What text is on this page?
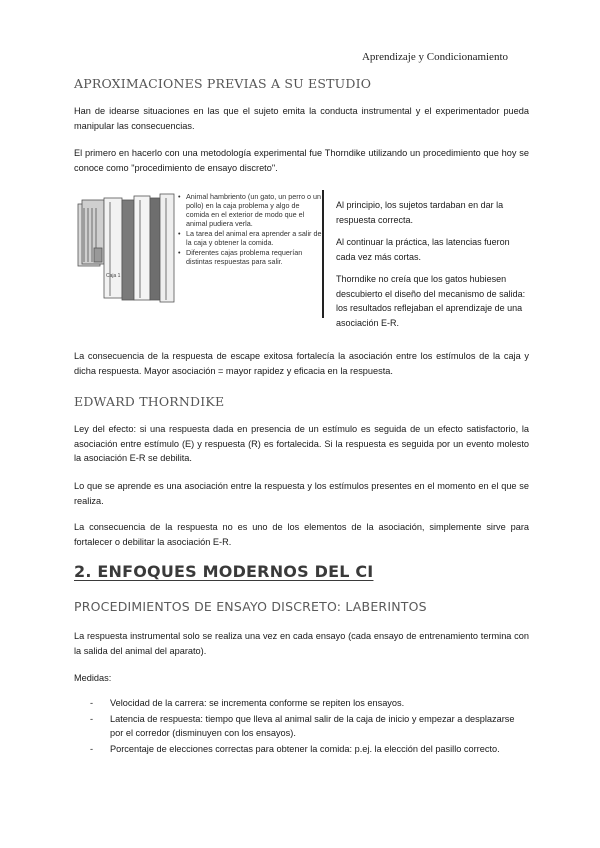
Aprendizaje y Condicionamiento
APROXIMACIONES PREVIAS A SU ESTUDIO

Han de idearse situaciones en las que el sujeto emita la conducta instrumental y el experimentador pueda manipular las consecuencias.

El primero en hacerlo con una metodología experimental fue Thorndike utilizando un procedimiento que hoy se conoce como "procedimiento de ensayo discreto".

Caja 1
• Animal hambriento (un gato, un perro o un pollo) en la caja problema y algo de comida en el exterior de modo que el animal pudiera verla.
• La tarea del animal era aprender a salir de la caja y obtener la comida.
• Diferentes cajas problema requerían distintas respuestas para salir.

Al principio, los sujetos tardaban en dar la respuesta correcta.

Al continuar la práctica, las latencias fueron cada vez más cortas.

Thorndike no creía que los gatos hubiesen descubierto el diseño del mecanismo de salida: los resultados reflejaban el aprendizaje de una asociación E-R.

La consecuencia de la respuesta de escape exitosa fortalecía la asociación entre los estímulos de la caja y dicha respuesta. Mayor asociación = mayor rapidez y eficacia en la respuesta.

EDWARD THORNDIKE

Ley del efecto: si una respuesta dada en presencia de un estímulo es seguida de un efecto satisfactorio, la asociación entre estímulo (E) y respuesta (R) es fortalecida. Si la respuesta es seguida por un evento molesto la asociación E-R se debilita.

Lo que se aprende es una asociación entre la respuesta y los estímulos presentes en el momento en el que se realiza.

La consecuencia de la respuesta no es uno de los elementos de la asociación, simplemente sirve para fortalecer o debilitar la asociación E-R.

2. ENFOQUES MODERNOS DEL CI
PROCEDIMIENTOS DE ENSAYO DISCRETO: LABERINTOS

La respuesta instrumental solo se realiza una vez en cada ensayo (cada ensayo de entrenamiento termina con la salida del animal del aparato).

Medidas:

- Velocidad de la carrera: se incrementa conforme se repiten los ensayos.
- Latencia de respuesta: tiempo que lleva al animal salir de la caja de inicio y empezar a desplazarse por el corredor (disminuyen con los ensayos).
- Porcentaje de elecciones correctas para obtener la comida: p.ej. la elección del pasillo correcto.
